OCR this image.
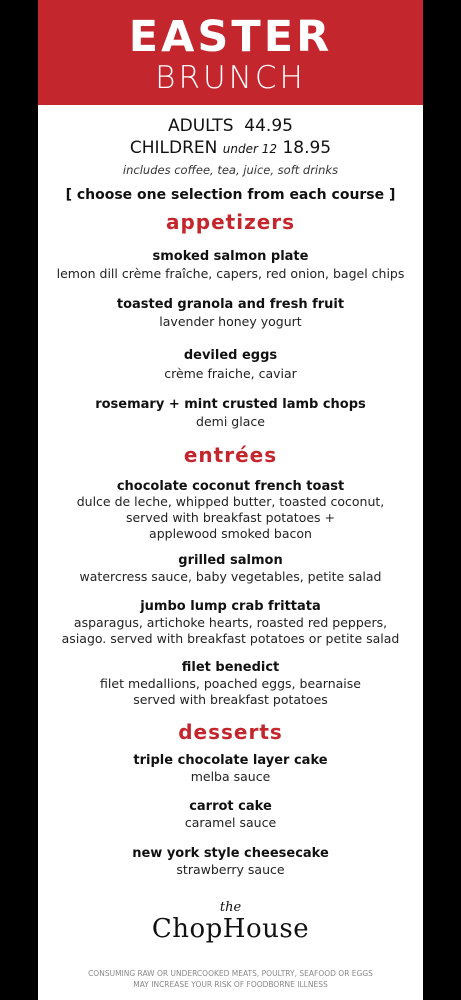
EASTER
BRUNCH
ADULTS 44.95
CHILDREN under 12 18.95
includes coffee, tea, juice, soft drinks
[ choose one selection from each course ]
appetizers
smoked salmon plate
lemon dill crème fraîche, capers, red onion, bagel chips
toasted granola and fresh fruit
lavender honey yogurt
deviled eggs
crème fraiche, caviar
rosemary + mint crusted lamb chops
demi glace
entrées
chocolate coconut french toast
dulce de leche, whipped butter, toasted coconut,
served with breakfast potatoes +
applewood smoked bacon
grilled salmon
watercress sauce, baby vegetables, petite salad
jumbo lump crab frittata
asparagus, artichoke hearts, roasted red peppers,
asiago. served with breakfast potatoes or petite salad
filet benedict
filet medallions, poached eggs, bearnaise
served with breakfast potatoes
desserts
triple chocolate layer cake
melba sauce
carrot cake
caramel sauce
new york style cheesecake
strawberry sauce
the
ChopHouse
CONSUMING RAW OR UNDERCOOKED MEATS, POULTRY, SEAFOOD OR EGGS
MAY INCREASE YOUR RISK OF FOODBORNE ILLNESS
